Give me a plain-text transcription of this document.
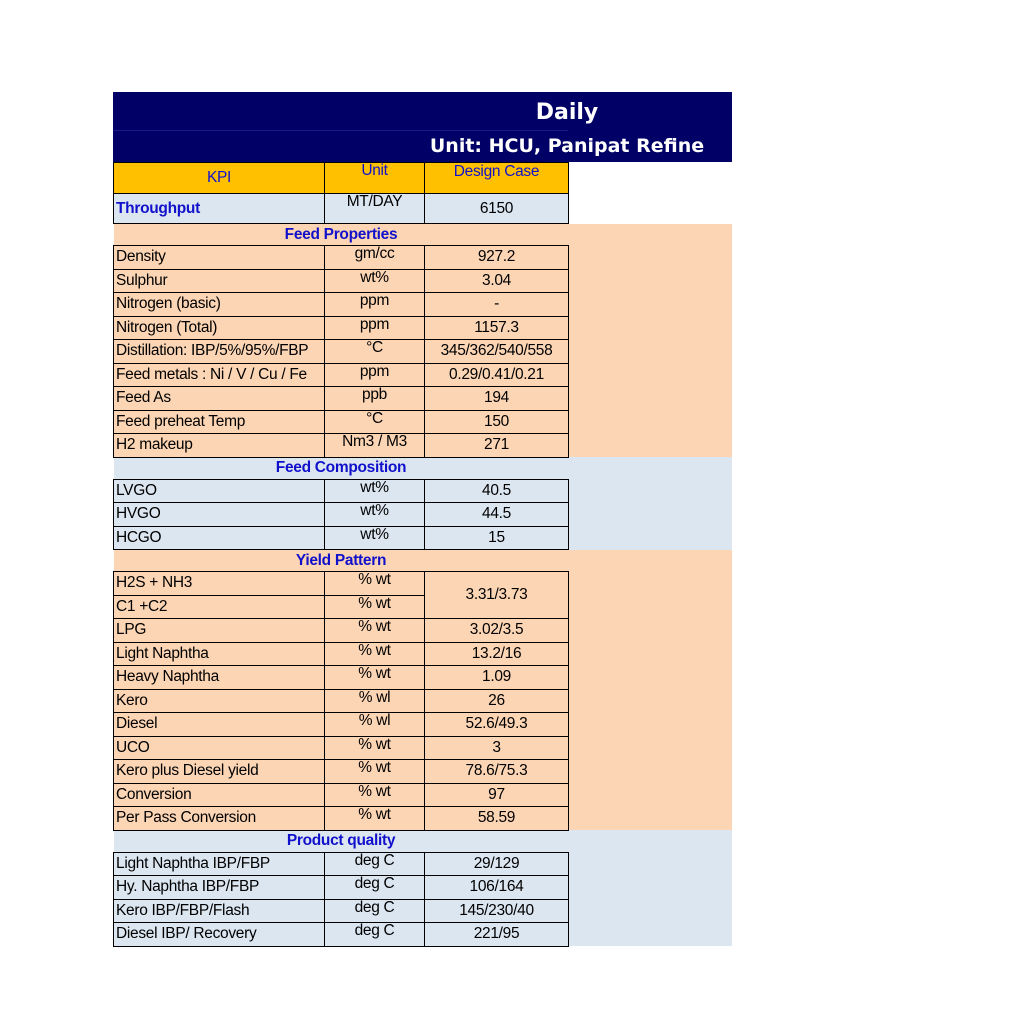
Daily
Unit: HCU, Panipat Refine
KPI	Unit	Design Case
Throughput	MT/DAY	6150
Feed Properties		
Density	gm/cc	927.2
Sulphur	wt%	3.04
Nitrogen (basic)	ppm	-
Nitrogen (Total)	ppm	1157.3
Distillation: IBP/5%/95%/FBP	°C	345/362/540/558
Feed metals : Ni / V / Cu / Fe	ppm	0.29/0.41/0.21
Feed As	ppb	194
Feed preheat Temp	°C	150
H2 makeup	Nm3 / M3	271
Feed Composition		
LVGO	wt%	40.5
HVGO	wt%	44.5
HCGO	wt%	15
Yield Pattern		
H2S + NH3	% wt	3.31/3.73
C1 +C2	% wt	
LPG	% wt	3.02/3.5
Light Naphtha	% wt	13.2/16
Heavy Naphtha	% wt	1.09
Kero	% wl	26
Diesel	% wl	52.6/49.3
UCO	% wt	3
Kero plus Diesel yield	% wt	78.6/75.3
Conversion	% wt	97
Per Pass Conversion	% wt	58.59
Product quality		
Light Naphtha IBP/FBP	deg C	29/129
Hy. Naphtha IBP/FBP	deg C	106/164
Kero IBP/FBP/Flash	deg C	145/230/40
Diesel IBP/ Recovery	deg C	221/95
